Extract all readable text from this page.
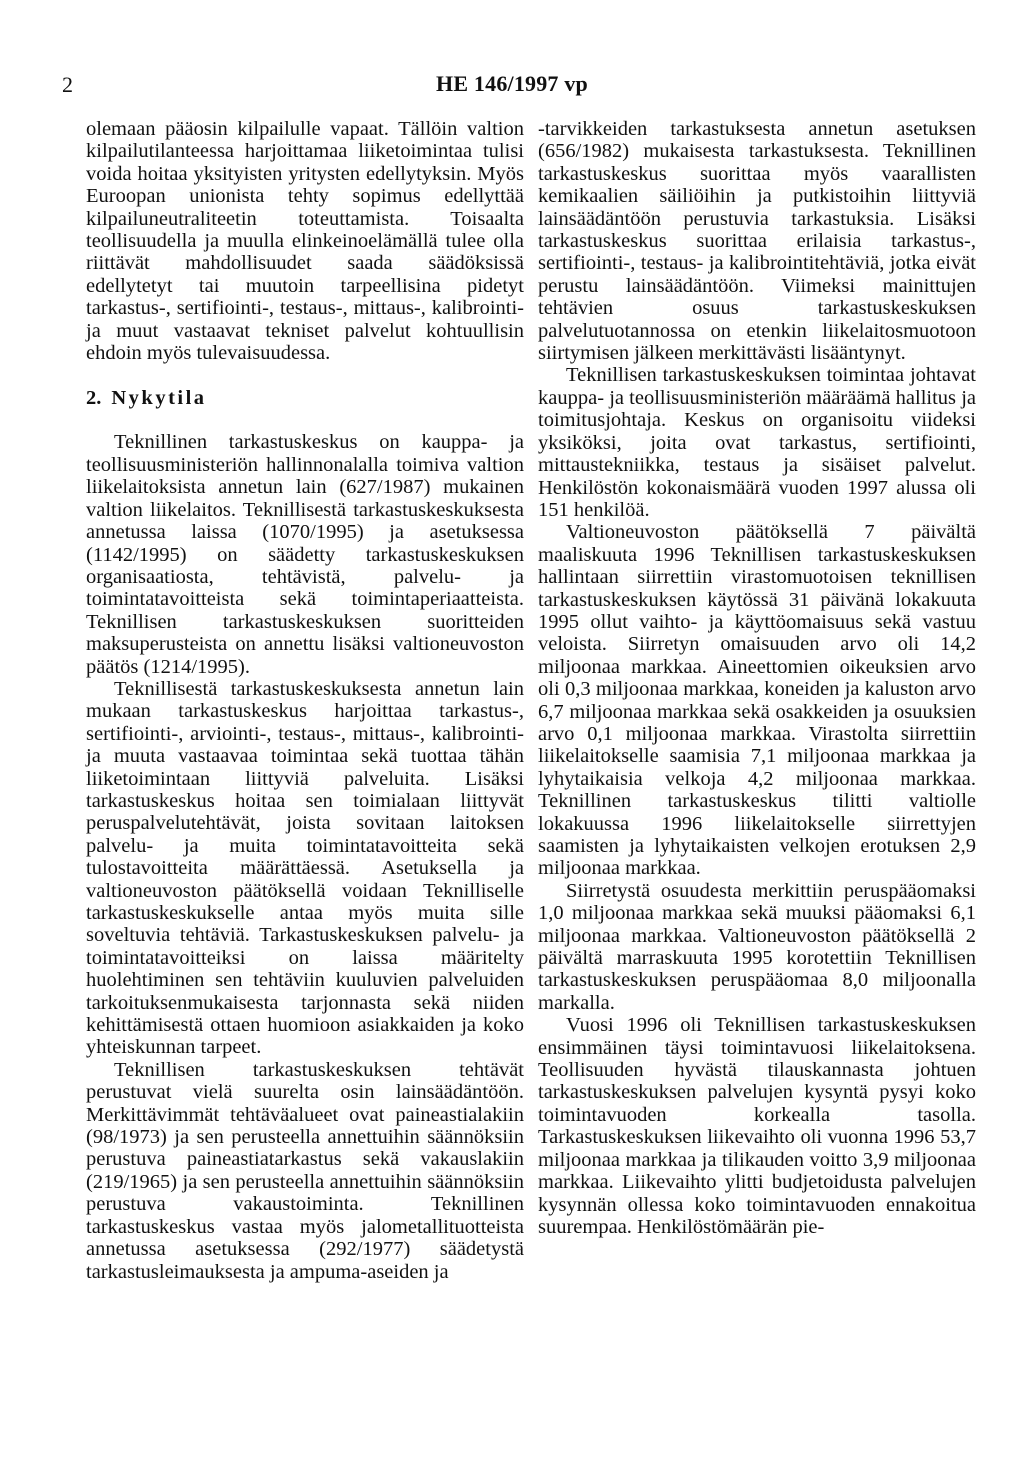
2	HE 146/1997 vp

olemaan pääosin kilpailulle vapaat. Tällöin valtion kilpailutilanteessa harjoittamaa liiketoimintaa tulisi voida hoitaa yksityisten yritysten edellytyksin. Myös Euroopan unionista tehty sopimus edellyttää kilpailuneutraliteetin toteuttamista. Toisaalta teollisuudella ja muulla elinkeinoelämällä tulee olla riittävät mahdollisuudet saada säädöksissä edellytetyt tai muutoin tarpeellisina pidetyt tarkastus-, sertifiointi-, testaus-, mittaus-, kalibrointi- ja muut vastaavat tekniset palvelut kohtuullisin ehdoin myös tulevaisuudessa.

2. Nykytila

Teknillinen tarkastuskeskus on kauppa- ja teollisuusministeriön hallinnonalalla toimiva valtion liikelaitoksista annetun lain (627/1987) mukainen valtion liikelaitos. Teknillisestä tarkastuskeskuksesta annetussa laissa (1070/1995) ja asetuksessa (1142/1995) on säädetty tarkastuskeskuksen organisaatiosta, tehtävistä, palvelu- ja toimintatavoitteista sekä toimintaperiaatteista. Teknillisen tarkastuskeskuksen suoritteiden maksuperusteista on annettu lisäksi valtioneuvoston päätös (1214/1995).

Teknillisestä tarkastuskeskuksesta annetun lain mukaan tarkastuskeskus harjoittaa tarkastus-, sertifiointi-, arviointi-, testaus-, mittaus-, kalibrointi- ja muuta vastaavaa toimintaa sekä tuottaa tähän liiketoimintaan liittyviä palveluita. Lisäksi tarkastuskeskus hoitaa sen toimialaan liittyvät peruspalvelutehtävät, joista sovitaan laitoksen palvelu- ja muita toimintatavoitteita sekä tulostavoitteita määrättäessä. Asetuksella ja valtioneuvoston päätöksellä voidaan Teknilliselle tarkastuskeskukselle antaa myös muita sille soveltuvia tehtäviä. Tarkastuskeskuksen palvelu- ja toimintatavoitteiksi on laissa määritelty huolehtiminen sen tehtäviin kuuluvien palveluiden tarkoituksenmukaisesta tarjonnasta sekä niiden kehittämisestä ottaen huomioon asiakkaiden ja koko yhteiskunnan tarpeet.

Teknillisen tarkastuskeskuksen tehtävät perustuvat vielä suurelta osin lainsäädäntöön. Merkittävimmät tehtäväalueet ovat paineastialakiin (98/1973) ja sen perusteella annettuihin säännöksiin perustuva paineastiatarkastus sekä vakauslakiin (219/1965) ja sen perusteella annettuihin säännöksiin perustuva vakaustoiminta. Teknillinen tarkastuskeskus vastaa myös jalometallituotteista annetussa asetuksessa (292/1977) säädetystä tarkastusleimauksesta ja ampuma-aseiden ja

-tarvikkeiden tarkastuksesta annetun asetuksen (656/1982) mukaisesta tarkastuksesta. Teknillinen tarkastuskeskus suorittaa myös vaarallisten kemikaalien säiliöihin ja putkistoihin liittyviä lainsäädäntöön perustuvia tarkastuksia. Lisäksi tarkastuskeskus suorittaa erilaisia tarkastus-, sertifiointi-, testaus- ja kalibrointitehtäviä, jotka eivät perustu lainsäädäntöön. Viimeksi mainittujen tehtävien osuus tarkastuskeskuksen palvelutuotannossa on etenkin liikelaitosmuotoon siirtymisen jälkeen merkittävästi lisääntynyt.

Teknillisen tarkastuskeskuksen toimintaa johtavat kauppa- ja teollisuusministeriön määräämä hallitus ja toimitusjohtaja. Keskus on organisoitu viideksi yksiköksi, joita ovat tarkastus, sertifiointi, mittaustekniikka, testaus ja sisäiset palvelut. Henkilöstön kokonaismäärä vuoden 1997 alussa oli 151 henkilöä.

Valtioneuvoston päätöksellä 7 päivältä maaliskuuta 1996 Teknillisen tarkastuskeskuksen hallintaan siirrettiin virastomuotoisen teknillisen tarkastuskeskuksen käytössä 31 päivänä lokakuuta 1995 ollut vaihto- ja käyttöomaisuus sekä vastuu veloista. Siirretyn omaisuuden arvo oli 14,2 miljoonaa markkaa. Aineettomien oikeuksien arvo oli 0,3 miljoonaa markkaa, koneiden ja kaluston arvo 6,7 miljoonaa markkaa sekä osakkeiden ja osuuksien arvo 0,1 miljoonaa markkaa. Virastolta siirrettiin liikelaitokselle saamisia 7,1 miljoonaa markkaa ja lyhytaikaisia velkoja 4,2 miljoonaa markkaa. Teknillinen tarkastuskeskus tilitti valtiolle lokakuussa 1996 liikelaitokselle siirrettyjen saamisten ja lyhytaikaisten velkojen erotuksen 2,9 miljoonaa markkaa.

Siirretystä osuudesta merkittiin peruspääomaksi 1,0 miljoonaa markkaa sekä muuksi pääomaksi 6,1 miljoonaa markkaa. Valtioneuvoston päätöksellä 2 päivältä marraskuuta 1995 korotettiin Teknillisen tarkastuskeskuksen peruspääomaa 8,0 miljoonalla markalla.

Vuosi 1996 oli Teknillisen tarkastuskeskuksen ensimmäinen täysi toimintavuosi liikelaitoksena. Teollisuuden hyvästä tilauskannasta johtuen tarkastuskeskuksen palvelujen kysyntä pysyi koko toimintavuoden korkealla tasolla. Tarkastuskeskuksen liikevaihto oli vuonna 1996 53,7 miljoonaa markkaa ja tilikauden voitto 3,9 miljoonaa markkaa. Liikevaihto ylitti budjetoidusta palvelujen kysynnän ollessa koko toimintavuoden ennakoitua suurempaa. Henkilöstömäärän pie-
